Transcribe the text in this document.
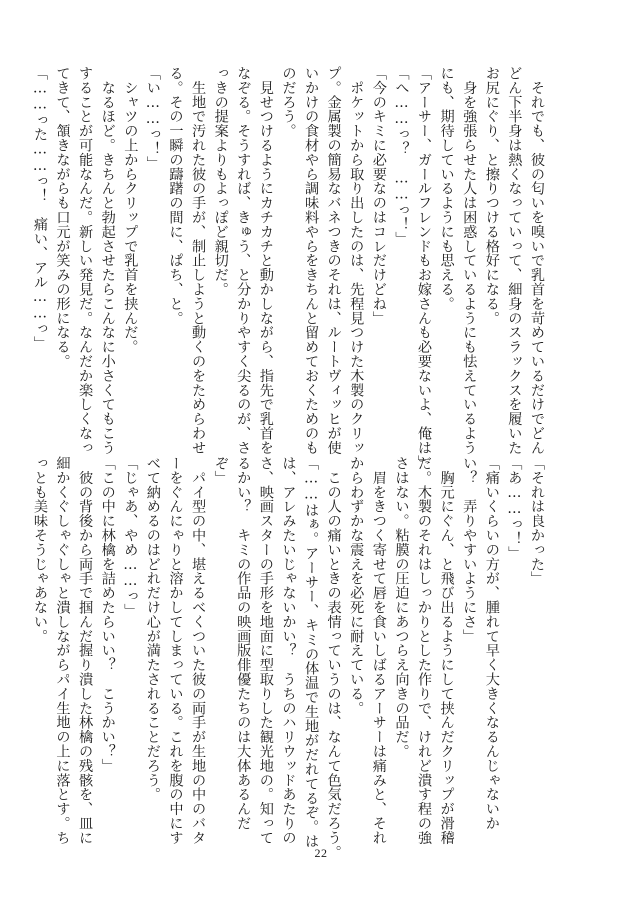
　それでも、彼の匂いを嗅いで乳首を苛めているだけでどん
どん下半身は熱くなっていって、細身のスラックスを履いた
お尻にぐり、と擦りつける格好になる。
　身を強張らせた人は困惑しているようにも怯えているよう
にも、期待しているようにも思える。
「アーサー、ガールフレンドもお嫁さんも必要ないよ、俺は」
「へ……っ？　……っ！」
「今のキミに必要なのはコレだけどね」
　ポケットから取り出したのは、先程見つけた木製のクリッ
プ。金属製の簡易なバネつきのそれは、ルートヴィッヒが使
いかけの食材やら調味料やらをきちんと留めておくためのも
のだろう。
　見せつけるようにカチカチと動かしながら、指先で乳首を
なぞる。そうすれば、きゅう、と分かりやすく尖るのが、さ
っきの提案よりもよっぽど親切だ。
　生地で汚れた彼の手が、制止しようと動くのをためらわせ
る。その一瞬の躊躇の間に、ぱち、と。
「い……っ！」
　シャツの上からクリップで乳首を挟んだ。
　なるほど。きちんと勃起させたらこんなに小さくてもこう
することが可能なんだ。新しい発見だ。なんだか楽しくなっ
てきて、頷きながらも口元が笑みの形になる。
「……った……っ！　痛い、アル……っ」
「それは良かった」
「あ……っ！」
「痛いくらいの方が、腫れて早く大きくなるんじゃないか
い？　弄りやすいようにさ」
　胸元にぐん、と飛び出るようにして挟んだクリップが滑稽
だ。木製のそれはしっかりとした作りで、けれど潰す程の強
さはない。粘膜の圧迫にあつらえ向きの品だ。
　眉をきつく寄せて唇を食いしばるアーサーは痛みと、それ
からわずかな震えを必死に耐えている。
　この人の痛いときの表情っていうのは、なんて色気だろう。
「……はぁ。アーサー、キミの体温で生地がだれてるぞ。は
は、アレみたいじゃないかい？　うちのハリウッドあたりの
さ、映画スターの手形を地面に型取りした観光地の。知って
るかい？　キミの作品の映画版俳優たちのは大体あるんだ
ぞ」
　パイ型の中、堪えるべくついた彼の両手が生地の中のバタ
ーをぐんにゃりと溶かしてしまっている。これを腹の中にす
べて納めるのはどれだけ心が満たされることだろう。
「じゃあ、やめ……っ」
「この中に林檎を詰めたらいい？　こうかい？」
　彼の背後から両手で掴んだ握り潰した林檎の残骸を、皿に
細かくぐしゃぐしゃと潰しながらパイ生地の上に落とす。ち
っとも美味そうじゃあない。
22
